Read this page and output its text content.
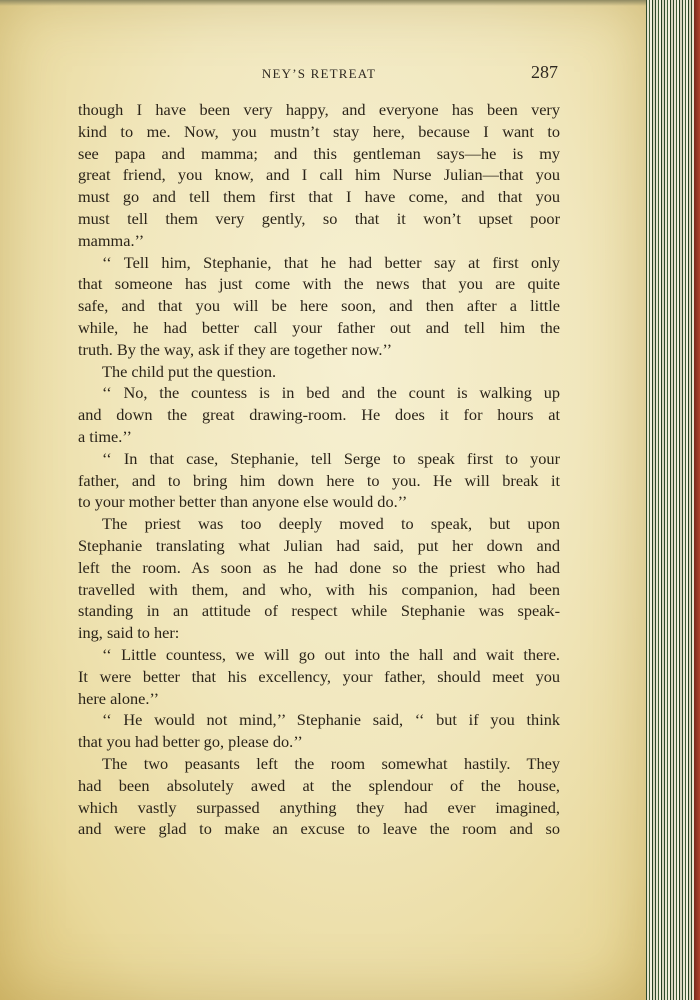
NEY’S RETREAT	287
though I have been very happy, and everyone has been very
kind to me. Now, you mustn’t stay here, because I want to
see papa and mamma; and this gentleman says—he is my
great friend, you know, and I call him Nurse Julian—that you
must go and tell them first that I have come, and that you
must tell them very gently, so that it won’t upset poor
mamma.’’
‘‘ Tell him, Stephanie, that he had better say at first only
that someone has just come with the news that you are quite
safe, and that you will be here soon, and then after a little
while, he had better call your father out and tell him the
truth. By the way, ask if they are together now.’’
The child put the question.
‘‘ No, the countess is in bed and the count is walking up
and down the great drawing-room. He does it for hours at
a time.’’
‘‘ In that case, Stephanie, tell Serge to speak first to your
father, and to bring him down here to you. He will break it
to your mother better than anyone else would do.’’
The priest was too deeply moved to speak, but upon
Stephanie translating what Julian had said, put her down and
left the room. As soon as he had done so the priest who had
travelled with them, and who, with his companion, had been
standing in an attitude of respect while Stephanie was speak-
ing, said to her:
‘‘ Little countess, we will go out into the hall and wait there.
It were better that his excellency, your father, should meet you
here alone.’’
‘‘ He would not mind,’’ Stephanie said, ‘‘ but if you think
that you had better go, please do.’’
The two peasants left the room somewhat hastily. They
had been absolutely awed at the splendour of the house,
which vastly surpassed anything they had ever imagined,
and were glad to make an excuse to leave the room and so
